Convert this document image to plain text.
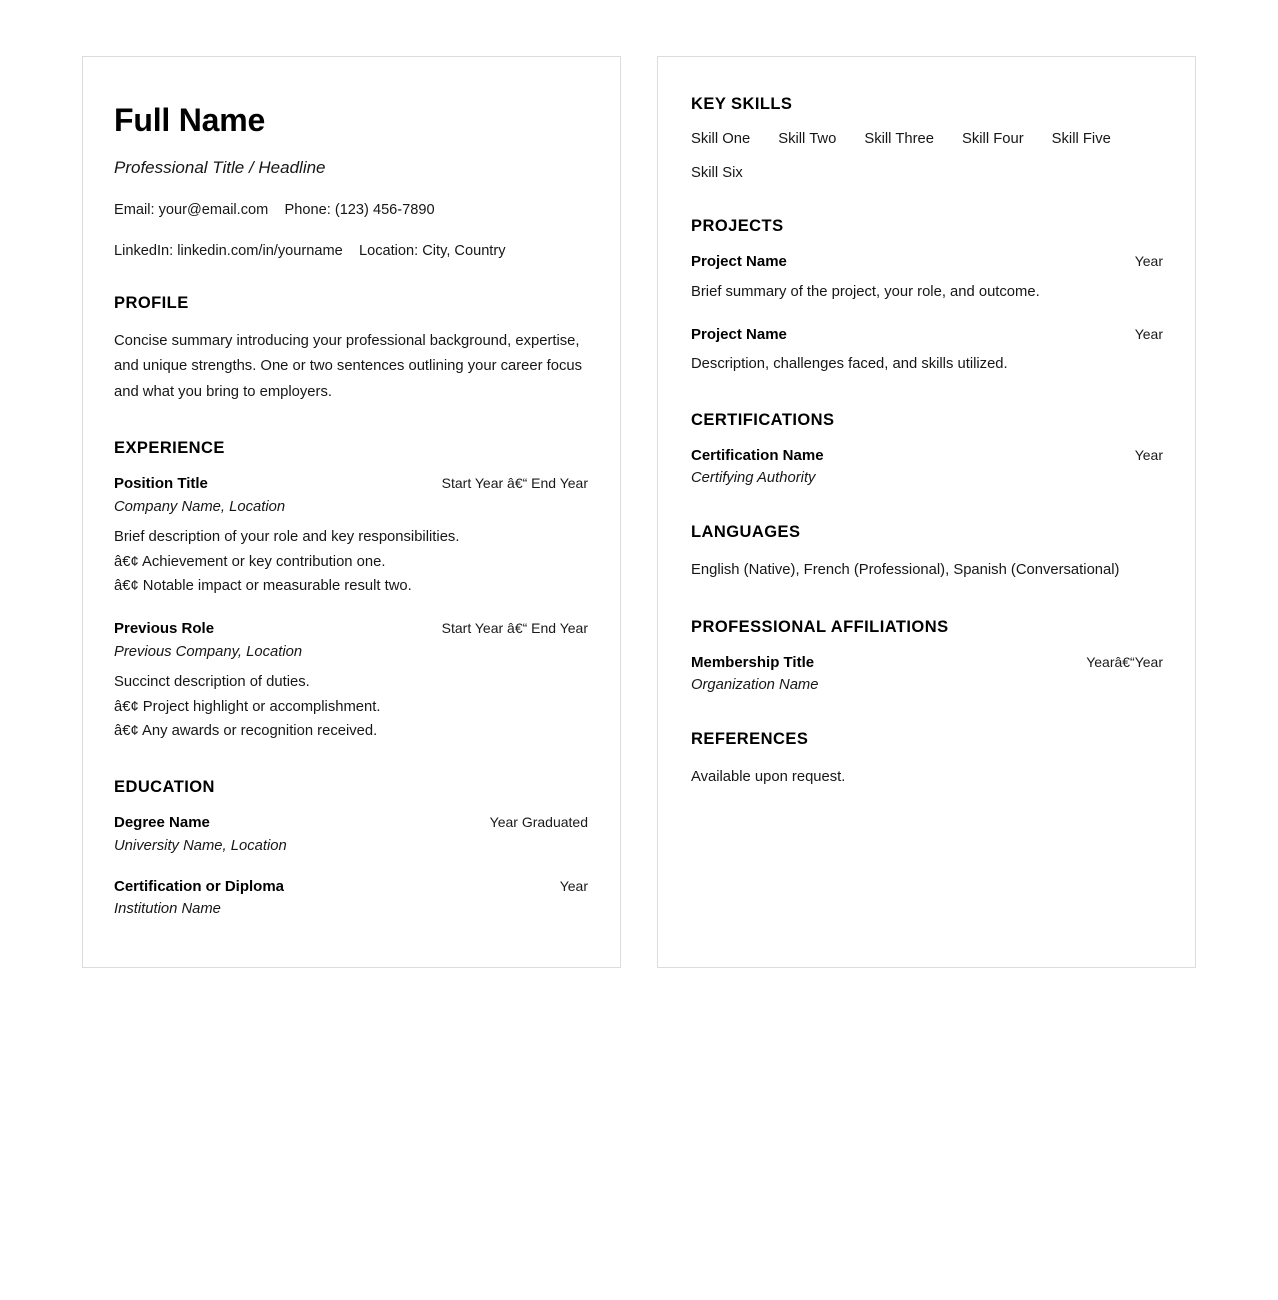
Full Name
Professional Title / Headline
Email: your@email.com    Phone: (123) 456-7890
LinkedIn: linkedin.com/in/yourname    Location: City, Country
PROFILE

Concise summary introducing your professional background, expertise, and unique strengths. One or two sentences outlining your career focus and what you bring to employers.

EXPERIENCE
Position Title	Start Year â€“ End Year
Company Name, Location
Brief description of your role and key responsibilities.
â€¢ Achievement or key contribution one.
â€¢ Notable impact or measurable result two.
Previous Role	Start Year â€“ End Year
Previous Company, Location
Succinct description of duties.
â€¢ Project highlight or accomplishment.
â€¢ Any awards or recognition received.
EDUCATION
Degree Name	Year Graduated
University Name, Location
Certification or Diploma	Year
Institution Name
KEY SKILLS
Skill One Skill Two Skill Three Skill Four Skill Five
Skill Six
PROJECTS
Project Name	Year
Brief summary of the project, your role, and outcome.
Project Name	Year
Description, challenges faced, and skills utilized.
CERTIFICATIONS
Certification Name	Year
Certifying Authority
LANGUAGES

English (Native), French (Professional), Spanish (Conversational)

PROFESSIONAL AFFILIATIONS
Membership Title	Yearâ€“Year
Organization Name
REFERENCES

Available upon request.
